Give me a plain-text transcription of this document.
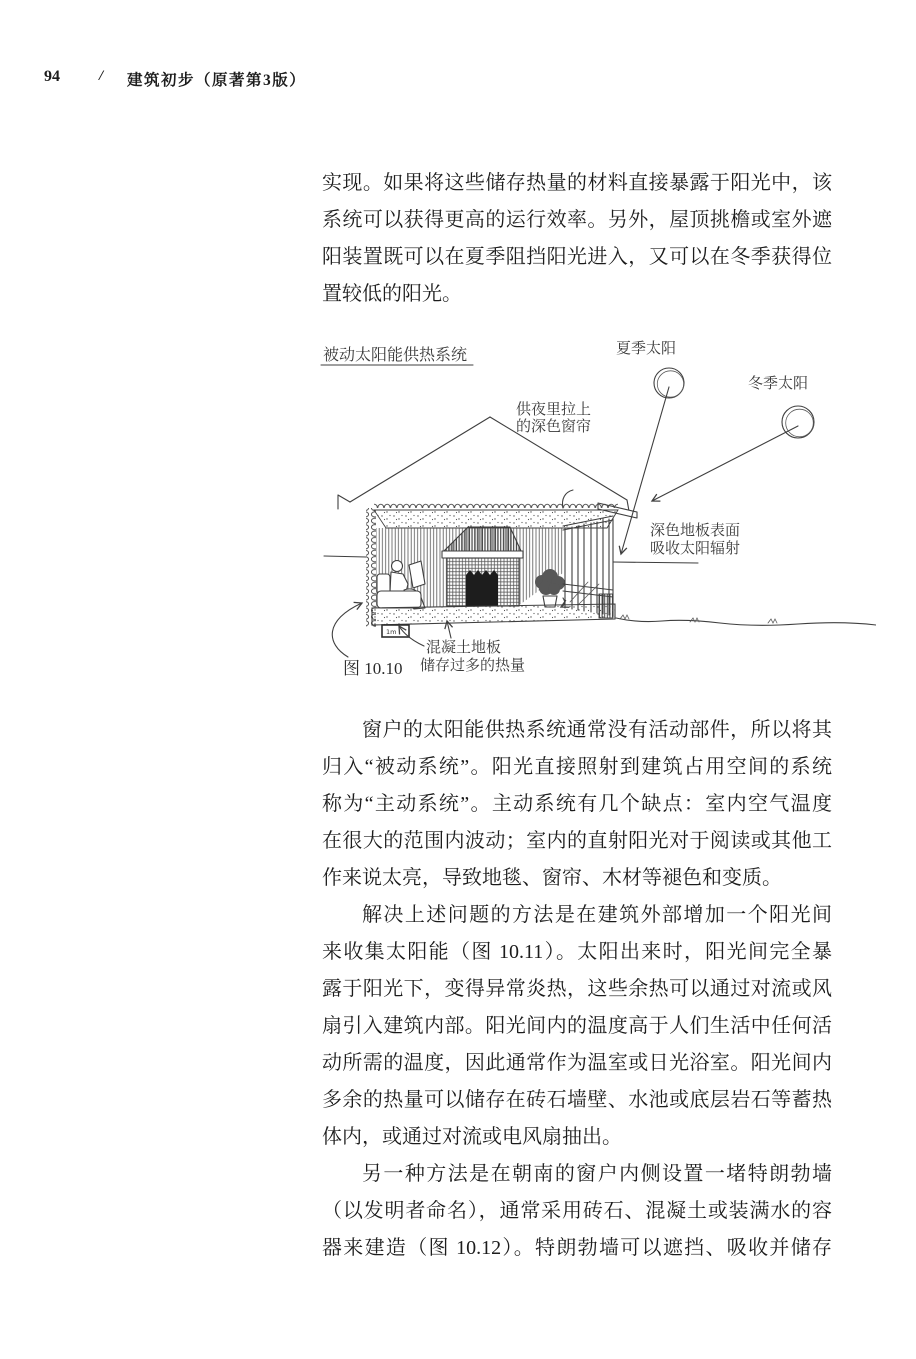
94	/ 建筑初步（原著第3版）
实现。如果将这些储存热量的材料直接暴露于阳光中，该
系统可以获得更高的运行效率。另外，屋顶挑檐或室外遮
阳装置既可以在夏季阻挡阳光进入，又可以在冬季获得位
置较低的阳光。
被动太阳能供热系统	夏季太阳
冬季太阳
1m
供夜里拉上
的深色窗帘
深色地板表面
吸收太阳辐射
混凝土地板
储存过多的热量
图 10.10
窗户的太阳能供热系统通常没有活动部件，所以将其
归入“被动系统”。阳光直接照射到建筑占用空间的系统
称为“主动系统”。主动系统有几个缺点：室内空气温度
在很大的范围内波动；室内的直射阳光对于阅读或其他工
作来说太亮，导致地毯、窗帘、木材等褪色和变质。
解决上述问题的方法是在建筑外部增加一个阳光间
来收集太阳能（图 10.11）。太阳出来时，阳光间完全暴
露于阳光下，变得异常炎热，这些余热可以通过对流或风
扇引入建筑内部。阳光间内的温度高于人们生活中任何活
动所需的温度，因此通常作为温室或日光浴室。阳光间内
多余的热量可以储存在砖石墙壁、水池或底层岩石等蓄热
体内，或通过对流或电风扇抽出。
另一种方法是在朝南的窗户内侧设置一堵特朗勃墙
（以发明者命名），通常采用砖石、混凝土或装满水的容
器来建造（图 10.12）。特朗勃墙可以遮挡、吸收并储存
